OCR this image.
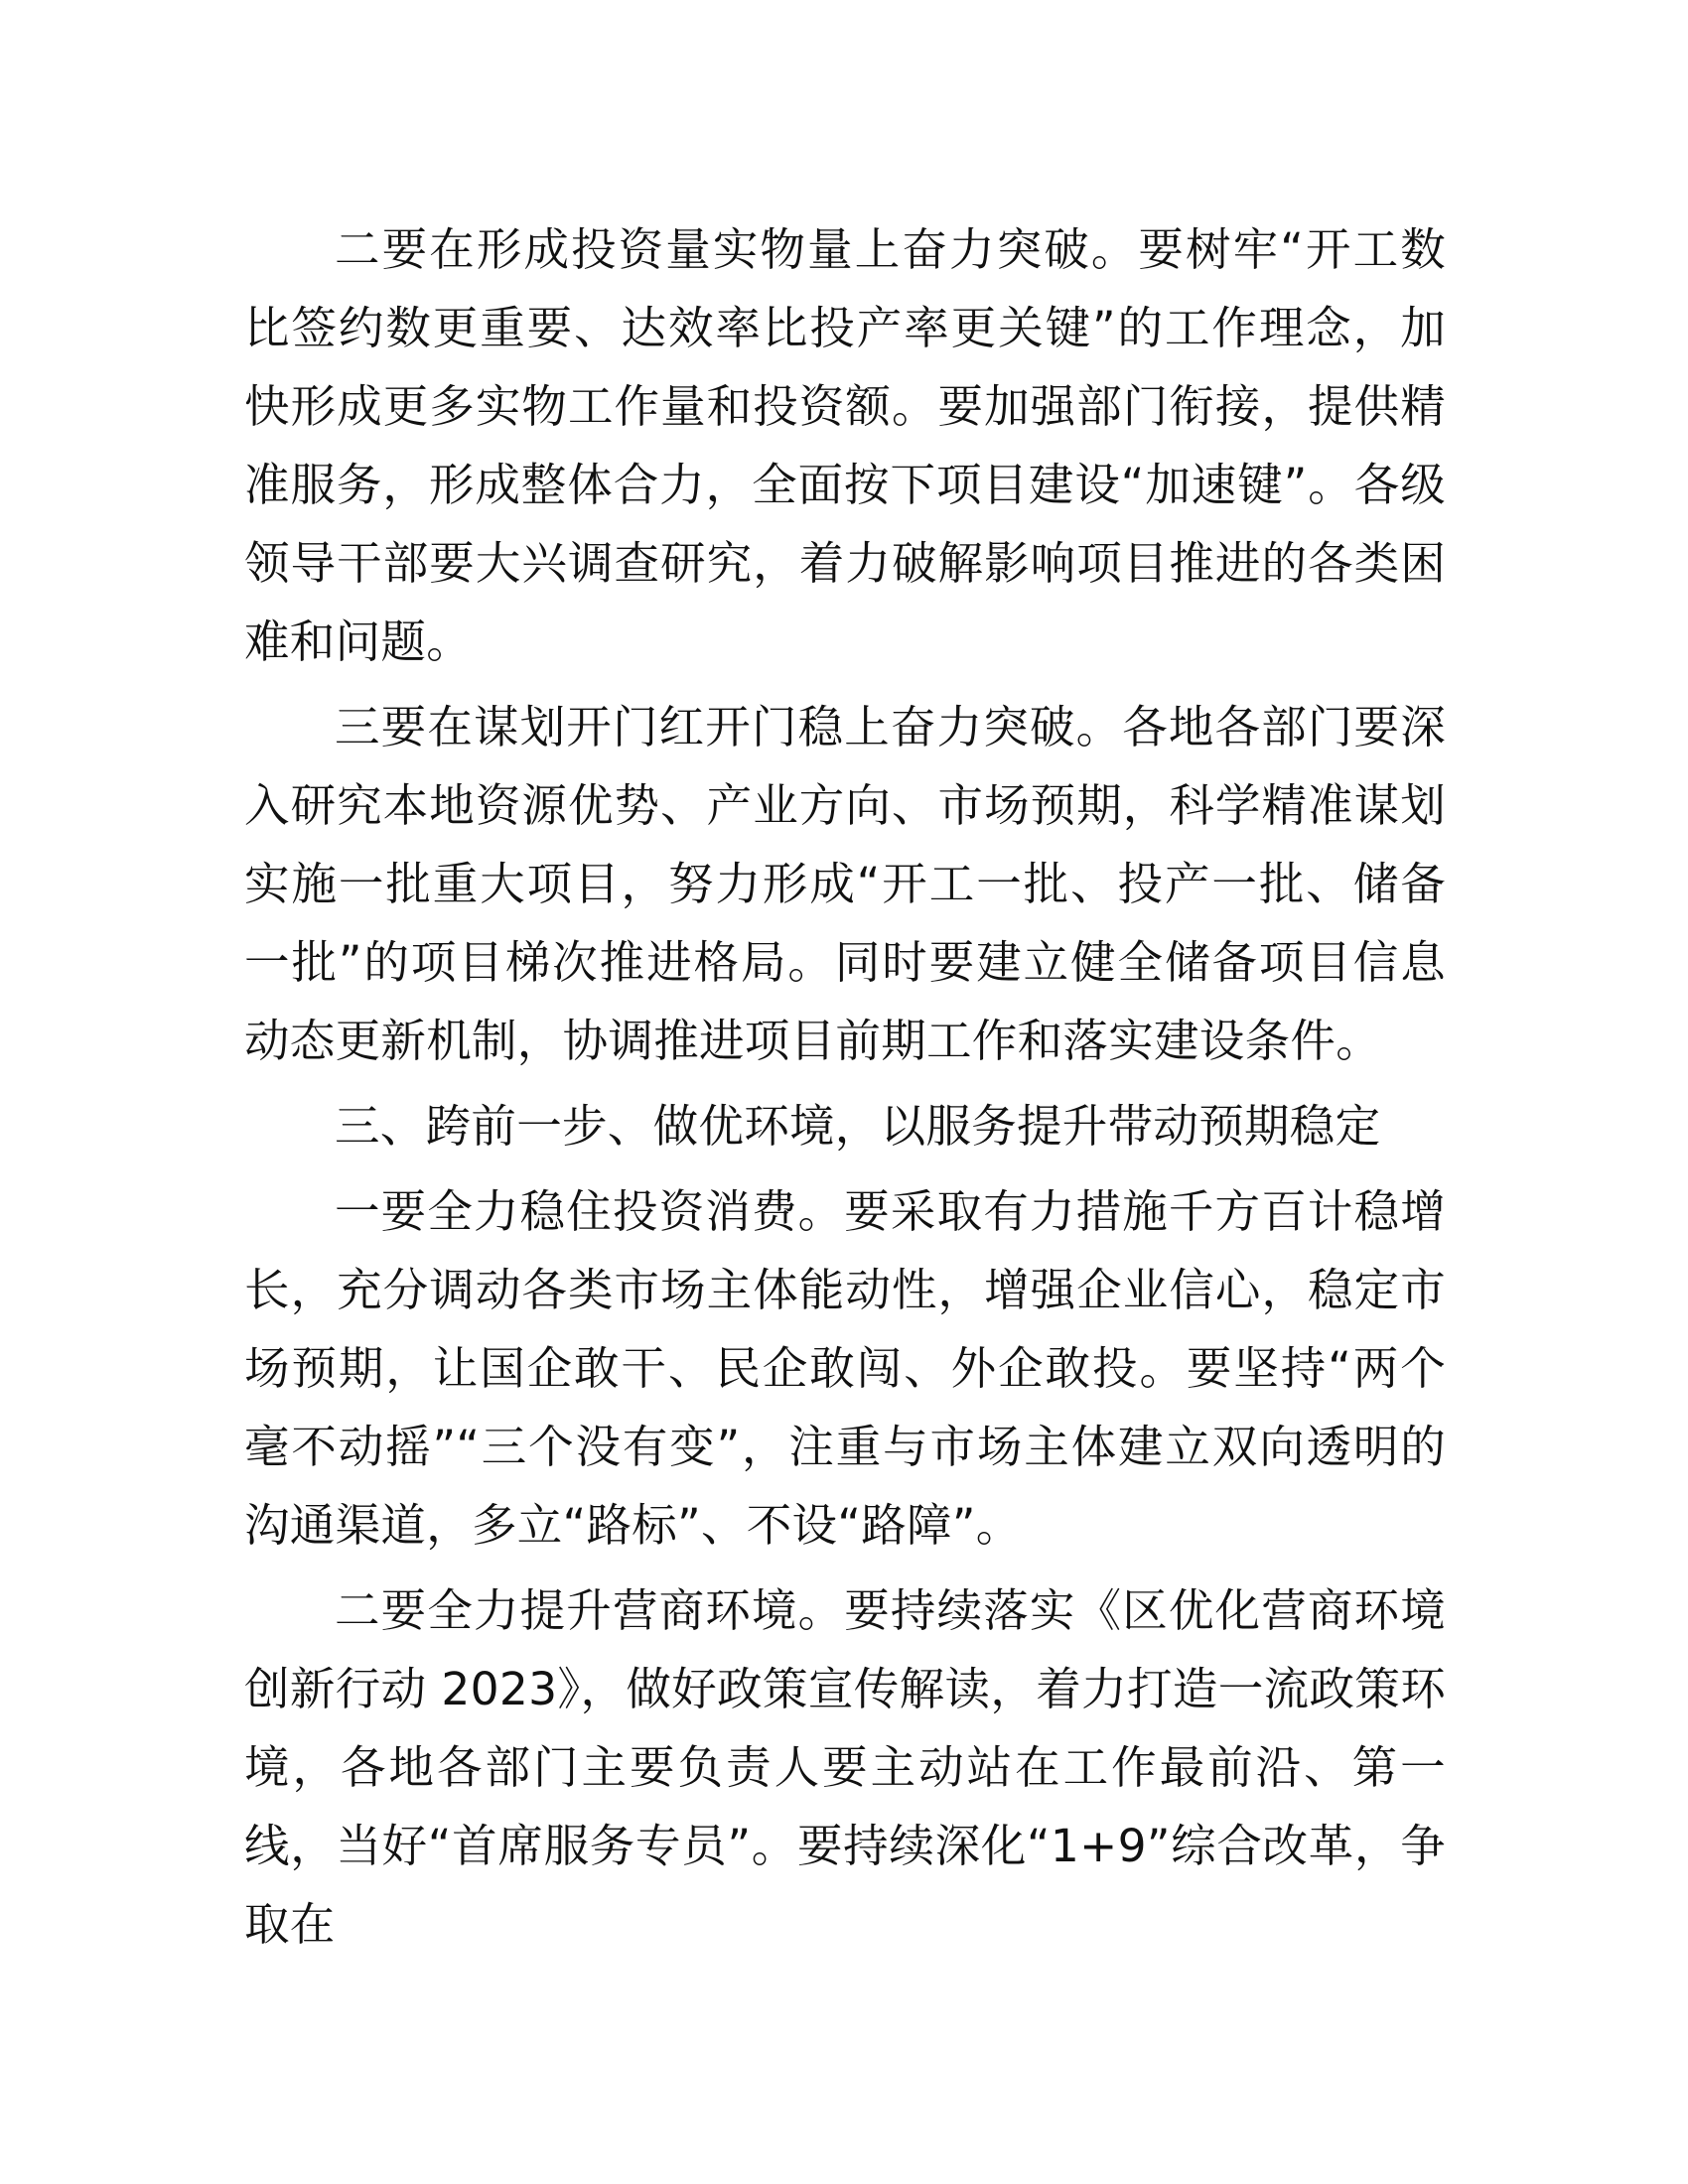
二要在形成投资量实物量上奋力突破。要树牢“开工数比签约数更重要、达效率比投产率更关键”的工作理念，加快形成更多实物工作量和投资额。要加强部门衔接，提供精准服务，形成整体合力，全面按下项目建设“加速键”。各级领导干部要大兴调查研究，着力破解影响项目推进的各类困难和问题。

三要在谋划开门红开门稳上奋力突破。各地各部门要深入研究本地资源优势、产业方向、市场预期，科学精准谋划实施一批重大项目，努力形成“开工一批、投产一批、储备一批”的项目梯次推进格局。同时要建立健全储备项目信息动态更新机制，协调推进项目前期工作和落实建设条件。

三、跨前一步、做优环境，以服务提升带动预期稳定

一要全力稳住投资消费。要采取有力措施千方百计稳增长，充分调动各类市场主体能动性，增强企业信心，稳定市场预期，让国企敢干、民企敢闯、外企敢投。要坚持“两个毫不动摇”“三个没有变”，注重与市场主体建立双向透明的沟通渠道，多立“路标”、不设“路障”。

二要全力提升营商环境。要持续落实《区优化营商环境创新行动 2023》，做好政策宣传解读，着力打造一流政策环境，各地各部门主要负责人要主动站在工作最前沿、第一线，当好“首席服务专员”。要持续深化“1+9”综合改革，争取在
